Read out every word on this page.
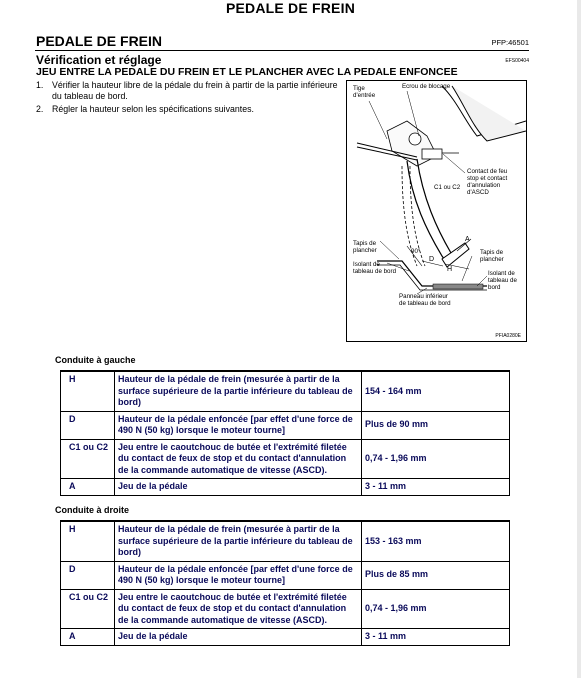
PEDALE DE FREIN
PEDALE DE FREIN	PFP:46501
Vérification et réglage	EFS00404
JEU ENTRE LA PEDALE DU FREIN ET LE PLANCHER AVEC LA PEDALE ENFONCEE
1. Vérifier la hauteur libre de la pédale du frein à partir de la partie inférieure du tableau de bord.
2. Régler la hauteur selon les spécifications suivantes.
Tige
d'entrée
Ecrou de blocage
Contact de feu
stop et contact
d'annulation
d'ASCD
C1 ou C2
90°
Tapis de
plancher
Isolant de
tableau de bord
Tapis de
plancher
Isolant de
tableau de
bord
Panneau inférieur
de tableau de bord
A
D
H
PFIA0280E
Conduite à gauche
H	Hauteur de la pédale de frein (mesurée à partir de la surface supérieure de la partie inférieure du tableau de bord)	154 - 164 mm
D	Hauteur de la pédale enfoncée [par effet d'une force de 490 N (50 kg) lorsque le moteur tourne]	Plus de 90 mm
C1 ou C2	Jeu entre le caoutchouc de butée et l'extrémité filetée du contact de feux de stop et du contact d'annulation de la commande automatique de vitesse (ASCD).	0,74 - 1,96 mm
A	Jeu de la pédale	3 - 11 mm
Conduite à droite
H	Hauteur de la pédale de frein (mesurée à partir de la surface supérieure de la partie inférieure du tableau de bord)	153 - 163 mm
D	Hauteur de la pédale enfoncée [par effet d'une force de 490 N (50 kg) lorsque le moteur tourne]	Plus de 85 mm
C1 ou C2	Jeu entre le caoutchouc de butée et l'extrémité filetée du contact de feux de stop et du contact d'annulation de la commande automatique de vitesse (ASCD).	0,74 - 1,96 mm
A	Jeu de la pédale	3 - 11 mm
